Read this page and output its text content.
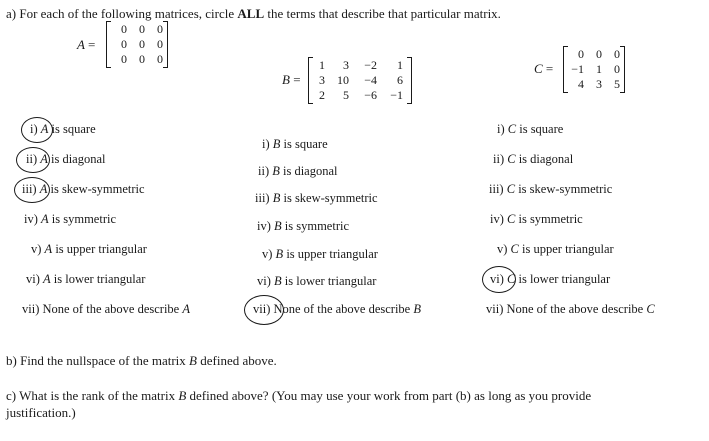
a) For each of the following matrices, circle ALL the terms that describe that particular matrix.
A =
0	0	0
0	0	0
0	0	0
B =
1	3	−2	1
3	10	−4	6
2	5	−6	−1
C =
0	0	0
−1	1	0
4	3	5
i) A is square
ii) A is diagonal
iii) A is skew-symmetric
iv) A is symmetric
v) A is upper triangular
vi) A is lower triangular
vii) None of the above describe A
i) B is square
ii) B is diagonal
iii) B is skew-symmetric
iv) B is symmetric
v) B is upper triangular
vi) B is lower triangular
vii) None of the above describe B
i) C is square
ii) C is diagonal
iii) C is skew-symmetric
iv) C is symmetric
v) C is upper triangular
vi) C is lower triangular
vii) None of the above describe C
b) Find the nullspace of the matrix B defined above.
c) What is the rank of the matrix B defined above? (You may use your work from part (b) as long as you provide
justification.)
